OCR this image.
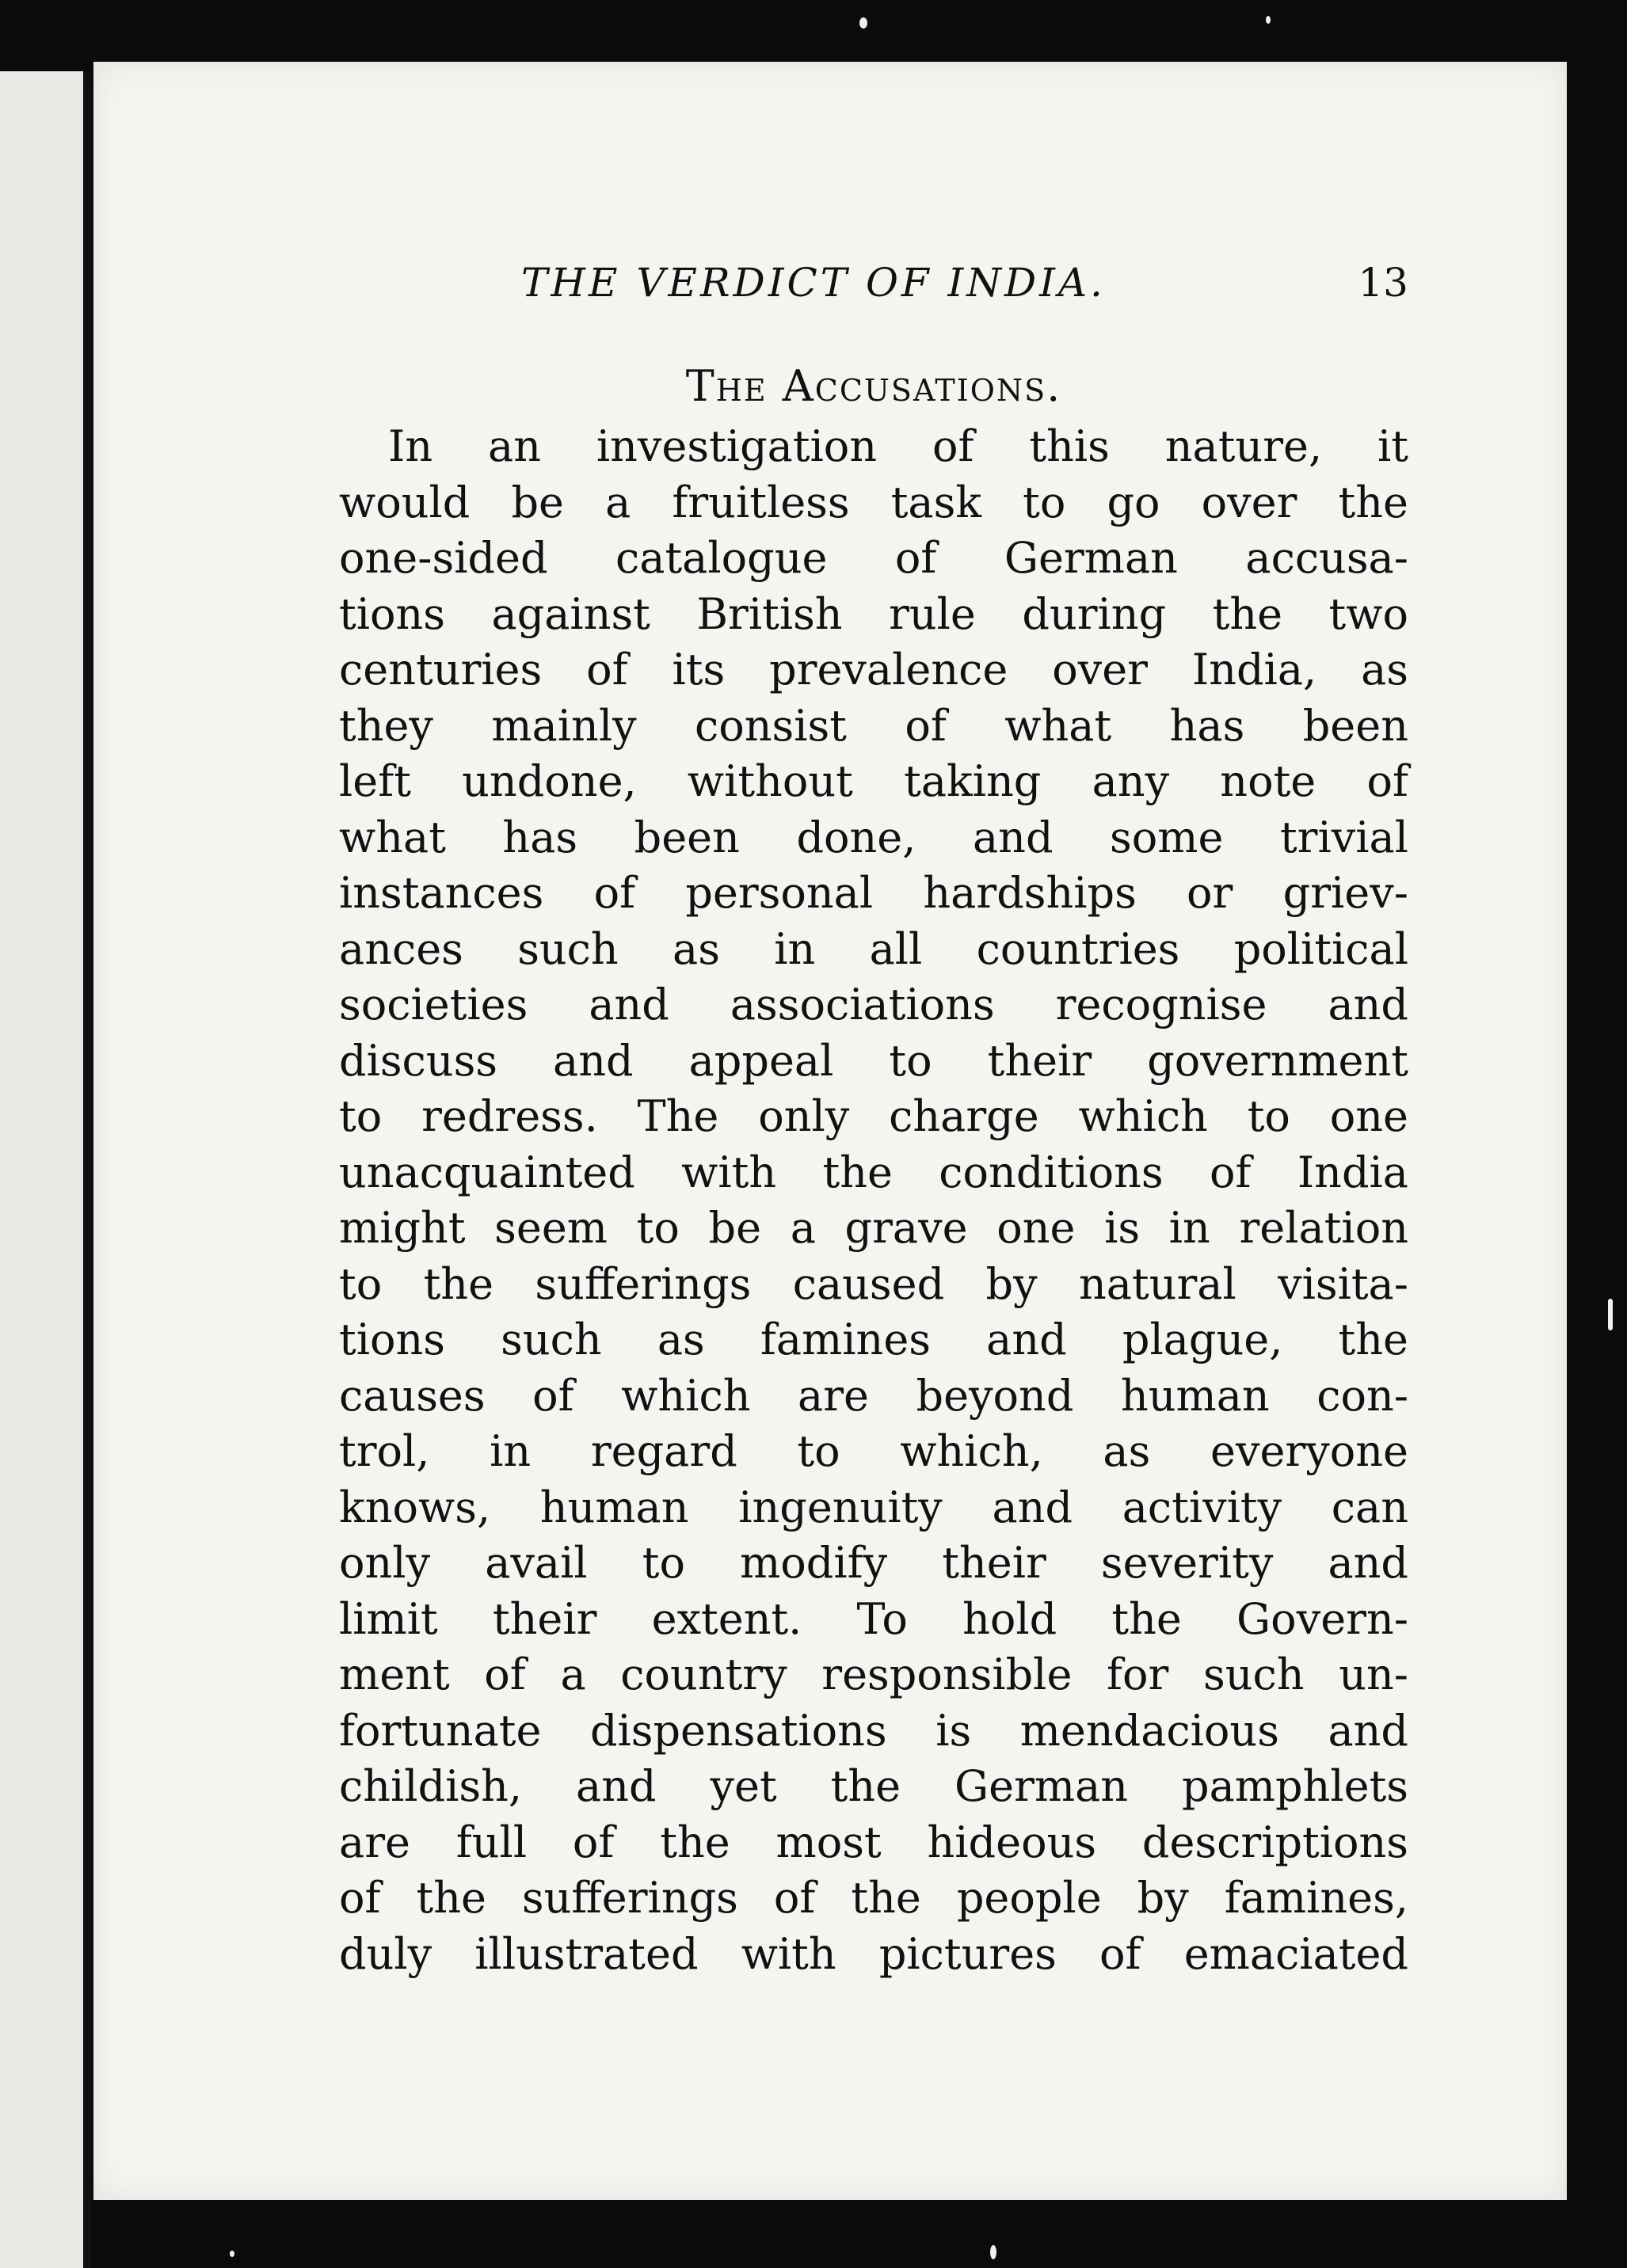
THE VERDICT OF INDIA.	13
The Accusations.

In an investigation of this nature, it
would be a fruitless task to go over the
one-sided catalogue of German accusa-
tions against British rule during the two
centuries of its prevalence over India, as
they mainly consist of what has been
left undone, without taking any note of
what has been done, and some trivial
instances of personal hardships or griev-
ances such as in all countries political
societies and associations recognise and
discuss and appeal to their government
to redress. The only charge which to one
unacquainted with the conditions of India
might seem to be a grave one is in relation
to the sufferings caused by natural visita-
tions such as famines and plague, the
causes of which are beyond human con-
trol, in regard to which, as everyone
knows, human ingenuity and activity can
only avail to modify their severity and
limit their extent. To hold the Govern-
ment of a country responsible for such un-
fortunate dispensations is mendacious and
childish, and yet the German pamphlets
are full of the most hideous descriptions
of the sufferings of the people by famines,
duly illustrated with pictures of emaciated
